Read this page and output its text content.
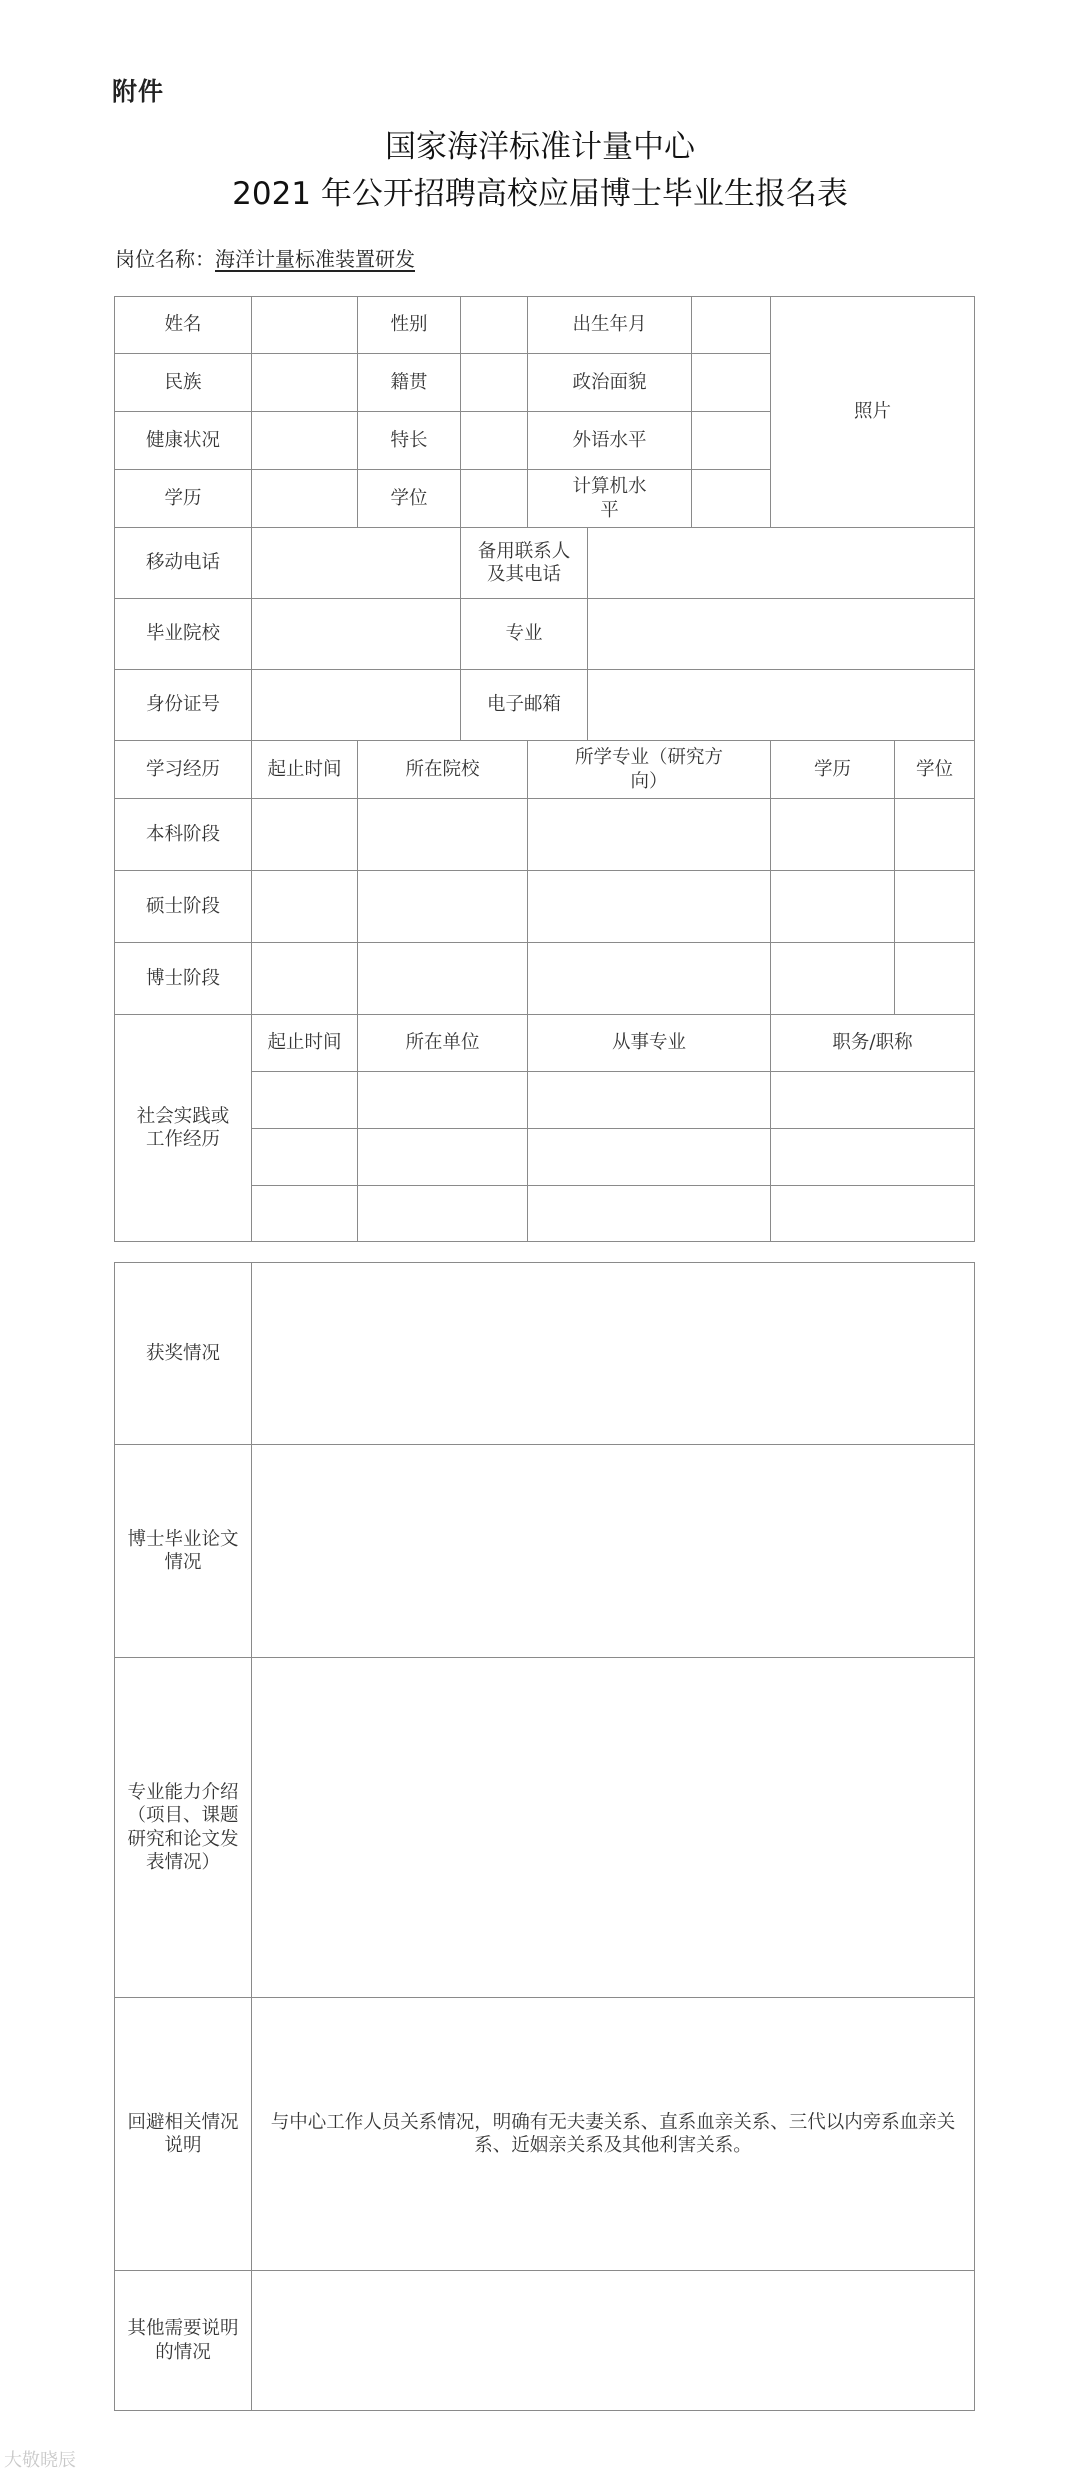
附件
国家海洋标准计量中心
2021 年公开招聘高校应届博士毕业生报名表
岗位名称：海洋计量标准装置研发
姓名		性别		出生年月			照片	
民族		籍贯		政治面貌				
健康状况		特长		外语水平				
学历		学位		计算机水平				
移动电话			备用联系人及其电话					
毕业院校			专业					
身份证号			电子邮箱					
学习经历	起止时间	所在院校		所学专业（研究方向）			学历	学位
本科阶段								
硕士阶段								
博士阶段								
社会实践或工作经历	起止时间	所在单位		从事专业			职务/职称	

获奖情况	
博士毕业论文情况	
专业能力介绍（项目、课题研究和论文发表情况）	
回避相关情况说明	与中心工作人员关系情况，明确有无夫妻关系、直系血亲关系、三代以内旁系血亲关系、近姻亲关系及其他利害关系。
其他需要说明的情况	
大敬晓辰
